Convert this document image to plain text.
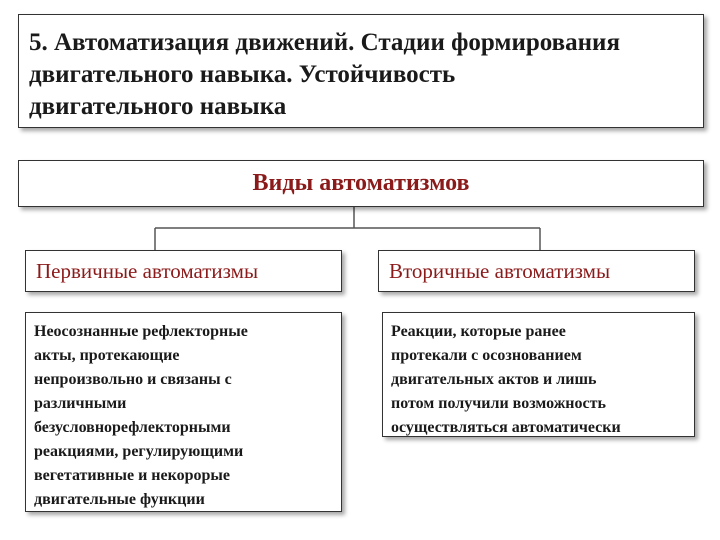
5. Автоматизация движений. Стадии формирования
двигательного навыка. Устойчивость
двигательного навыка
Виды автоматизмов
Первичные автоматизмы	Вторичные автоматизмы
Неосознанные рефлекторные
акты, протекающие
непроизвольно и связаны с
различными
безусловнорефлекторными
реакциями, регулирующими
вегетативные и некорорые
двигательные функции
Реакции, которые ранее
протекали с осознованием
двигательных актов и лишь
потом получили возможность
осуществляться автоматически
